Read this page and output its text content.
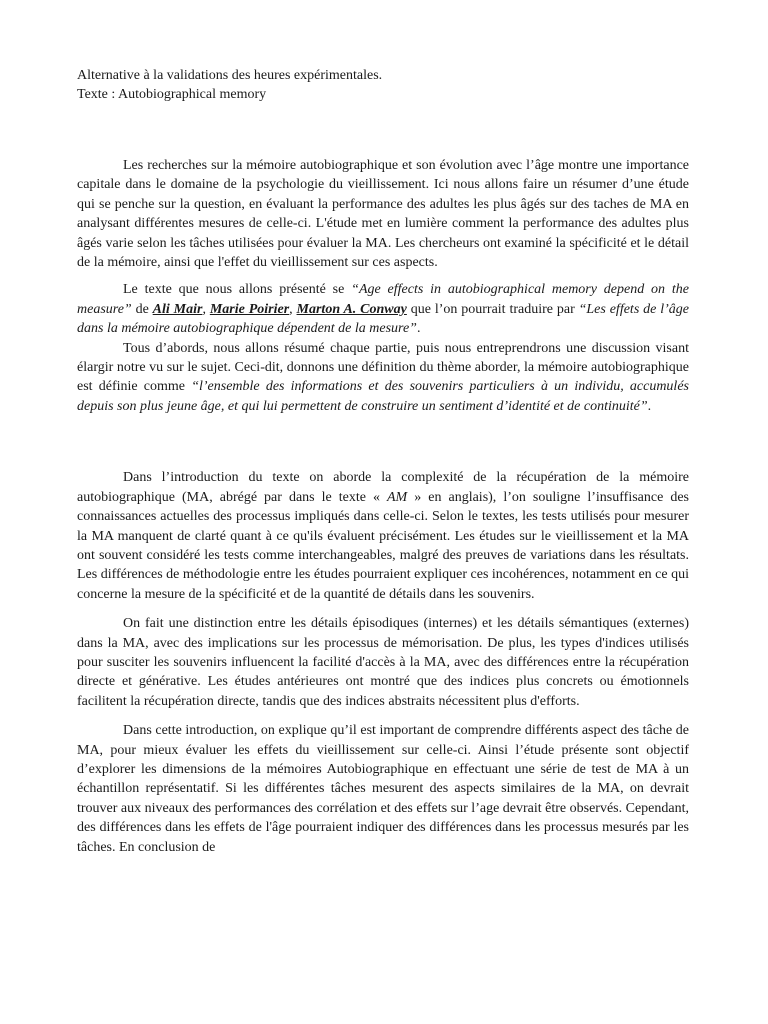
Alternative à la validations des heures expérimentales.

Texte : Autobiographical memory

Les recherches sur la mémoire autobiographique et son évolution avec l’âge montre une importance capitale dans le domaine de la psychologie du vieillissement. Ici nous allons faire un résumer d’une étude qui se penche sur la question, en évaluant la performance des adultes les plus âgés sur des taches de MA en analysant différentes mesures de celle-ci. L'étude met en lumière comment la performance des adultes plus âgés varie selon les tâches utilisées pour évaluer la MA. Les chercheurs ont examiné la spécificité et le détail de la mémoire, ainsi que l'effet du vieillissement sur ces aspects.

Le texte que nous allons présenté se “Age effects in autobiographical memory depend on the measure” de Ali Mair, Marie Poirier, Marton A. Conway que l’on pourrait traduire par “Les effets de l’âge dans la mémoire autobiographique dépendent de la mesure”.

Tous d’abords, nous allons résumé chaque partie, puis nous entreprendrons une discussion visant élargir notre vu sur le sujet. Ceci-dit, donnons une définition du thème aborder, la mémoire autobiographique est définie comme “l’ensemble des informations et des souvenirs particuliers à un individu, accumulés depuis son plus jeune âge, et qui lui permettent de construire un sentiment d’identité et de continuité”.

Dans l’introduction du texte on aborde la complexité de la récupération de la mémoire autobiographique (MA, abrégé par dans le texte « AM » en anglais), l’on souligne l’insuffisance des connaissances actuelles des processus impliqués dans celle-ci. Selon le textes, les tests utilisés pour mesurer la MA manquent de clarté quant à ce qu'ils évaluent précisément. Les études sur le vieillissement et la MA ont souvent considéré les tests comme interchangeables, malgré des preuves de variations dans les résultats. Les différences de méthodologie entre les études pourraient expliquer ces incohérences, notamment en ce qui concerne la mesure de la spécificité et de la quantité de détails dans les souvenirs.

On fait une distinction entre les détails épisodiques (internes) et les détails sémantiques (externes) dans la MA, avec des implications sur les processus de mémorisation. De plus, les types d'indices utilisés pour susciter les souvenirs influencent la facilité d'accès à la MA, avec des différences entre la récupération directe et générative. Les études antérieures ont montré que des indices plus concrets ou émotionnels facilitent la récupération directe, tandis que des indices abstraits nécessitent plus d'efforts.

Dans cette introduction, on explique qu’il est important de comprendre différents aspect des tâche de MA, pour mieux évaluer les effets du vieillissement sur celle-ci. Ainsi l’étude présente sont objectif d’explorer les dimensions de la mémoires Autobiographique en effectuant une série de test de MA à un échantillon représentatif. Si les différentes tâches mesurent des aspects similaires de la MA, on devrait trouver aux niveaux des performances des corrélation et des effets sur l’age devrait être observés. Cependant, des différences dans les effets de l'âge pourraient indiquer des différences dans les processus mesurés par les tâches. En conclusion de
